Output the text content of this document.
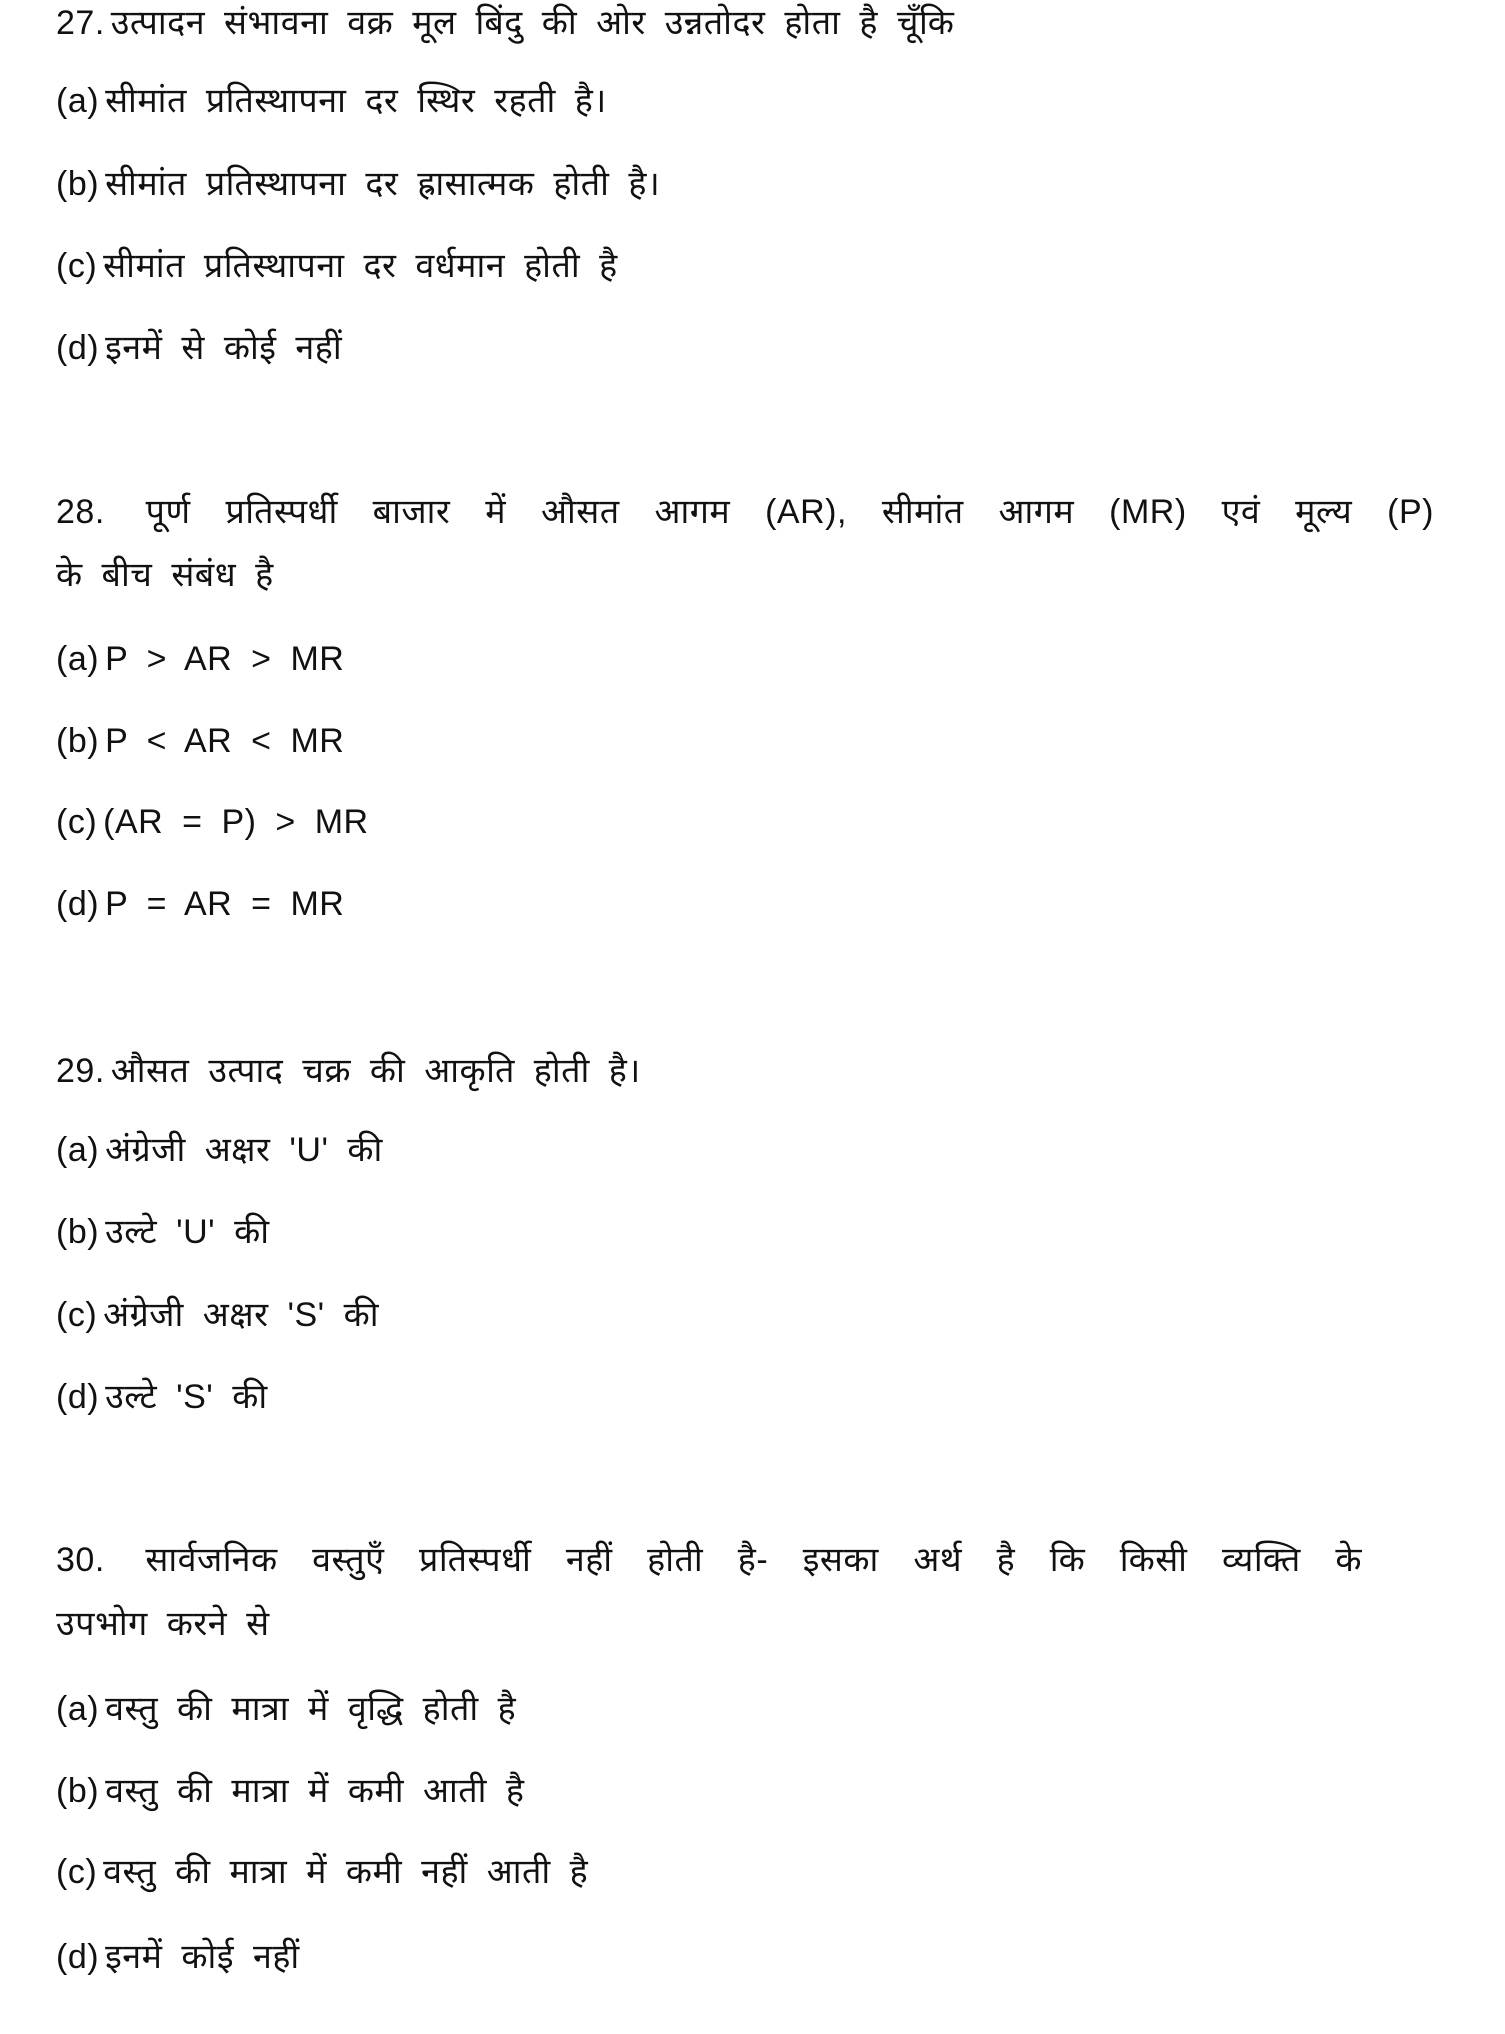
27. उत्पादन संभावना वक्र मूल बिंदु की ओर उन्नतोदर होता है चूँकि
(a) सीमांत प्रतिस्थापना दर स्थिर रहती है।
(b) सीमांत प्रतिस्थापना दर ह्रासात्मक होती है।
(c) सीमांत प्रतिस्थापना दर वर्धमान होती है
(d) इनमें से कोई नहीं
28. पूर्ण प्रतिस्पर्धी बाजार में औसत आगम (AR), सीमांत आगम (MR) एवं मूल्य (P)
के बीच संबंध है
(a) P > AR > MR
(b) P < AR < MR
(c) (AR = P) > MR
(d) P = AR = MR
29. औसत उत्पाद चक्र की आकृति होती है।
(a) अंग्रेजी अक्षर 'U' की
(b) उल्टे 'U' की
(c) अंग्रेजी अक्षर 'S' की
(d) उल्टे 'S' की
30. सार्वजनिक वस्तुएँ प्रतिस्पर्धी नहीं होती है- इसका अर्थ है कि किसी व्यक्ति के
उपभोग करने से
(a) वस्तु की मात्रा में वृद्धि होती है
(b) वस्तु की मात्रा में कमी आती है
(c) वस्तु की मात्रा में कमी नहीं आती है
(d) इनमें कोई नहीं
